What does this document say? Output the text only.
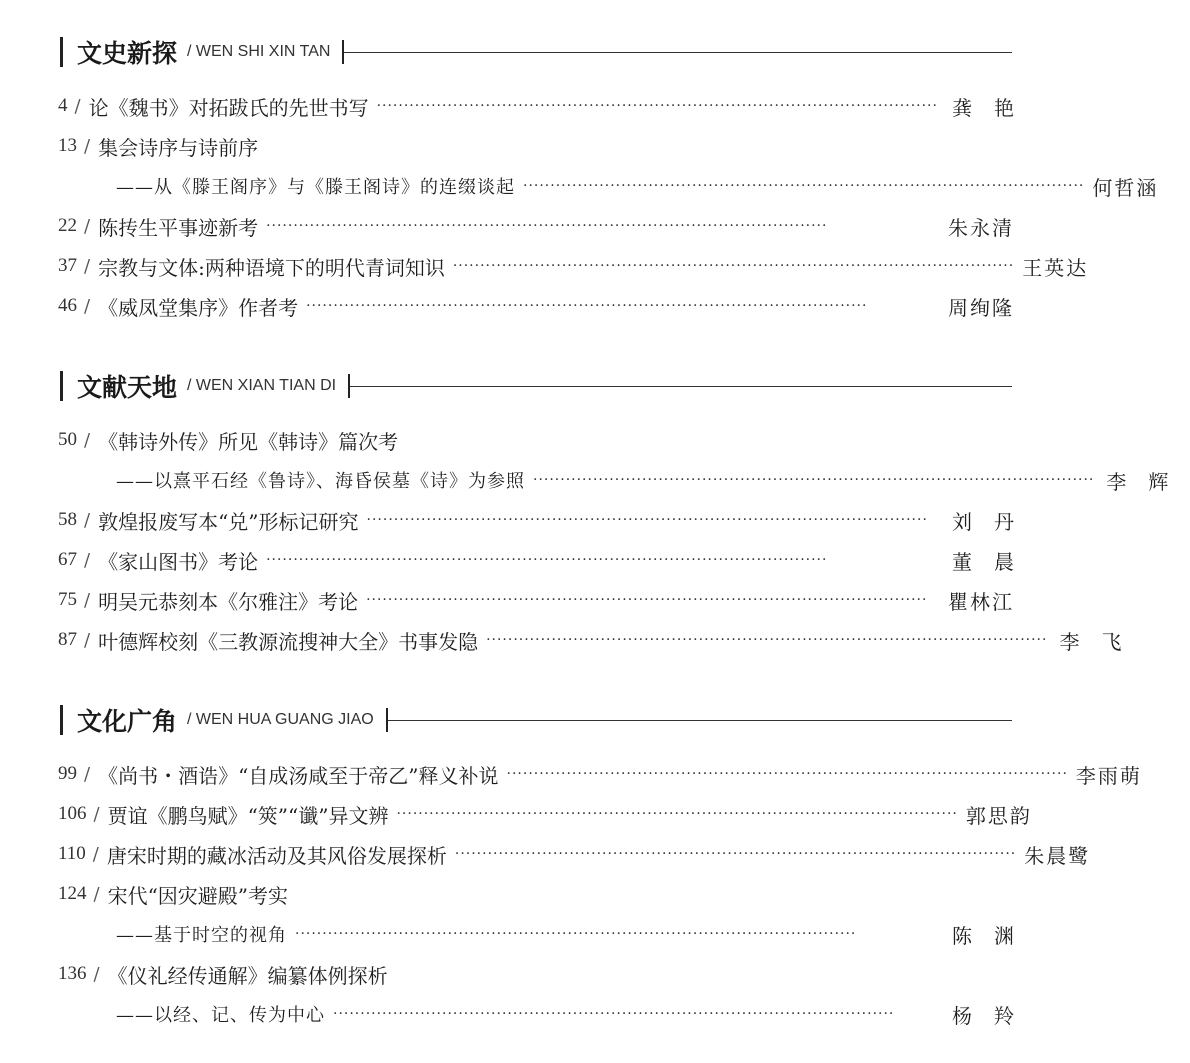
文史新探 / WEN SHI XIN TAN
4 / 论《魏书》对拓跋氏的先世书写 ······································································································· 龚艳
13 / 集会诗序与诗前序
——从《滕王阁序》与《滕王阁诗》的连缀谈起 ······································································································· 何哲涵
22 / 陈抟生平事迹新考 ·······································································································	朱永清
37 / 宗教与文体:两种语境下的明代青词知识 ······································································································· 王英达
46 / 《威凤堂集序》作者考 ·······································································································	周绚隆
文献天地 / WEN XIAN TIAN DI
50 / 《韩诗外传》所见《韩诗》篇次考
——以熹平石经《鲁诗》、海昏侯墓《诗》为参照 ······································································································· 李辉
58 / 敦煌报废写本“兑”形标记研究 ·······································································································	刘丹
67 / 《家山图书》考论 ·······································································································	董晨
75 / 明吴元恭刻本《尔雅注》考论 ·······································································································	瞿林江
87 / 叶德辉校刻《三教源流搜神大全》书事发隐 ······································································································· 李飞
文化广角 / WEN HUA GUANG JIAO
99 / 《尚书・酒诰》“自成汤咸至于帝乙”释义补说 ······································································································· 李雨萌
106 / 贾谊《鹏鸟赋》“筴”“谶”异文辨 ······································································································· 郭思韵
110 / 唐宋时期的藏冰活动及其风俗发展探析 ······································································································· 朱晨鹭
124 / 宋代“因灾避殿”考实
——基于时空的视角 ·······································································································	陈渊
136 / 《仪礼经传通解》编纂体例探析
——以经、记、传为中心 ·······································································································	杨羚
